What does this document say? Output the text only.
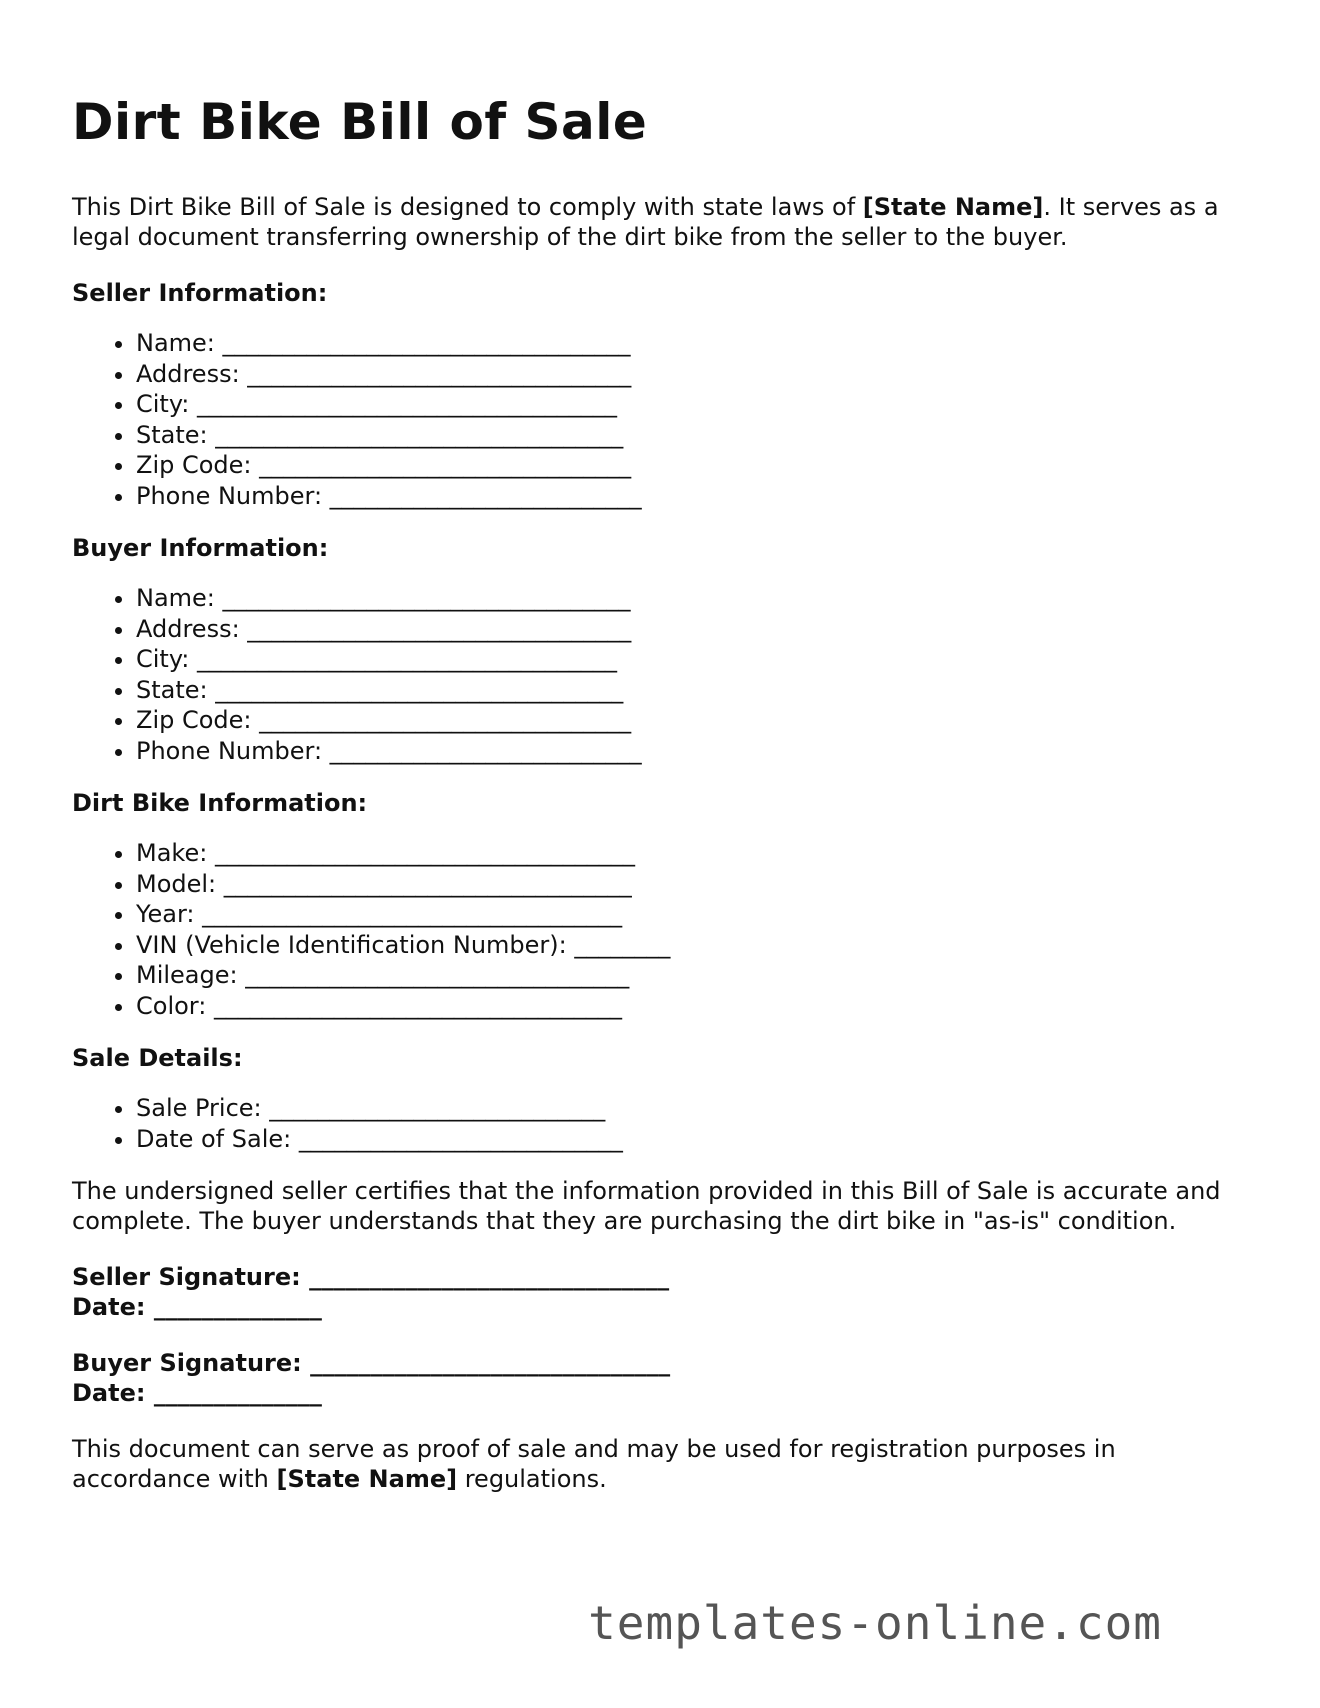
Dirt Bike Bill of Sale

This Dirt Bike Bill of Sale is designed to comply with state laws of [State Name]. It serves as a legal document transferring ownership of the dirt bike from the seller to the buyer.

Seller Information:
• Name: __________________________________
• Address: ________________________________
• City: ___________________________________
• State: __________________________________
• Zip Code: _______________________________
• Phone Number: __________________________
Buyer Information:
• Name: __________________________________
• Address: ________________________________
• City: ___________________________________
• State: __________________________________
• Zip Code: _______________________________
• Phone Number: __________________________
Dirt Bike Information:
• Make: ___________________________________
• Model: __________________________________
• Year: ___________________________________
• VIN (Vehicle Identification Number): ________
• Mileage: ________________________________
• Color: __________________________________
Sale Details:
• Sale Price: ____________________________
• Date of Sale: ___________________________

The undersigned seller certifies that the information provided in this Bill of Sale is accurate and complete. The buyer understands that they are purchasing the dirt bike in "as-is" condition.

Seller Signature: ______________________________
Date: ______________
Buyer Signature: ______________________________
Date: ______________

This document can serve as proof of sale and may be used for registration purposes in accordance with [State Name] regulations.

templates-online.com
